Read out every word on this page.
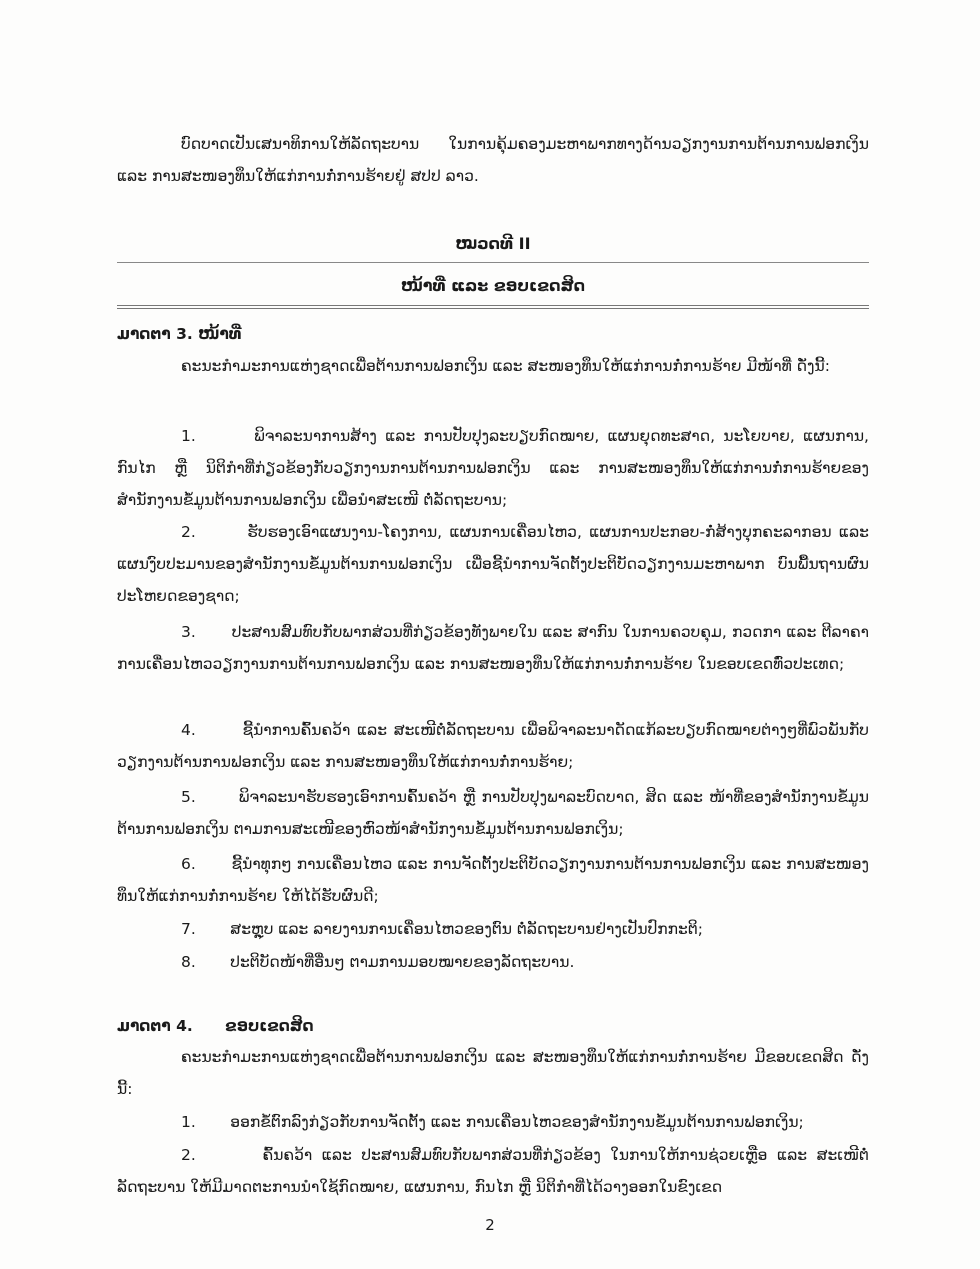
ບົດບາດເປັນເສນາທິການໃຫ້ລັດຖະບານ ໃນການຄຸ້ມຄອງມະຫາພາກທາງດ້ານວຽກງານການຕ້ານການຟອກເງິນ ແລະ ການສະໜອງທຶນໃຫ້ແກ່ການກໍ່ການຮ້າຍຢູ່ ສປປ ລາວ.
ໝວດທີ II
ໜ້າທີ່ ແລະ ຂອບເຂດສິດ
ມາດຕາ 3. ໜ້າທີ່
ຄະນະກຳມະການແຫ່ງຊາດເພື່ອຕ້ານການຟອກເງິນ ແລະ ສະໜອງທຶນໃຫ້ແກ່ການກໍ່ການຮ້າຍ ມີໜ້າທີ່ ດັ່ງນີ້:
1.	ພິຈາລະນາການສ້າງ ແລະ ການປັບປຸງລະບຽບກົດໝາຍ, ແຜນຍຸດທະສາດ, ນະໂຍບາຍ, ແຜນການ, ກົນໄກ ຫຼື ນິຕິກຳທີ່ກ່ຽວຂ້ອງກັບວຽກງານການຕ້ານການຟອກເງິນ ແລະ ການສະໜອງທຶນໃຫ້ແກ່ການກໍ່ການຮ້າຍຂອງ ສຳນັກງານຂໍ້ມູນຕ້ານການຟອກເງິນ ເພື່ອນຳສະເໜີ ຕໍ່ລັດຖະບານ;
2.	ຮັບຮອງເອົາແຜນງານ-ໂຄງການ, ແຜນການເຄື່ອນໄຫວ, ແຜນການປະກອບ-ກໍ່ສ້າງບຸກຄະລາກອນ ແລະ ແຜນງົບປະມານຂອງສຳນັກງານຂໍ້ມູນຕ້ານການຟອກເງິນ ເພື່ອຊີ້ນຳການຈັດຕັ້ງປະຕິບັດວຽກງານມະຫາພາກ ບົນພື້ນຖານຜົນປະໂຫຍດຂອງຊາດ;
3. ປະສານສົມທົບກັບພາກສ່ວນທີ່ກ່ຽວຂ້ອງທັງພາຍໃນ ແລະ ສາກົນ ໃນການຄວບຄຸມ, ກວດກາ ແລະ ຕີລາຄາການເຄື່ອນໄຫວວຽກງານການຕ້ານການຟອກເງິນ ແລະ ການສະໜອງທຶນໃຫ້ແກ່ການກໍ່ການຮ້າຍ ໃນຂອບເຂດທົ່ວປະເທດ;
4.	ຊີ້ນຳການຄົ້ນຄວ້າ ແລະ ສະເໜີຕໍ່ລັດຖະບານ ເພື່ອພິຈາລະນາດັດແກ້ລະບຽບກົດໝາຍຕ່າງໆທີ່ພົວພັນກັບວຽກງານຕ້ານການຟອກເງິນ ແລະ ການສະໜອງທຶນໃຫ້ແກ່ການກໍ່ການຮ້າຍ;
5.	ພິຈາລະນາຮັບຮອງເອົາການຄົ້ນຄວ້າ ຫຼື ການປັບປຸງພາລະບົດບາດ, ສິດ ແລະ ໜ້າທີ່ຂອງສຳນັກງານຂໍ້ມູນຕ້ານການຟອກເງິນ ຕາມການສະເໜີຂອງຫົວໜ້າສຳນັກງານຂໍ້ມູນຕ້ານການຟອກເງິນ;
6. ຊີ້ນຳທຸກໆ ການເຄື່ອນໄຫວ ແລະ ການຈັດຕັ້ງປະຕິບັດວຽກງານການຕ້ານການຟອກເງິນ ແລະ ການສະໜອງທຶນໃຫ້ແກ່ການກໍ່ການຮ້າຍ ໃຫ້ໄດ້ຮັບຜົນດີ;
7. ສະຫຼຸບ ແລະ ລາຍງານການເຄື່ອນໄຫວຂອງຕົນ ຕໍ່ລັດຖະບານຢ່າງເປັນປົກກະຕິ;
8. ປະຕິບັດໜ້າທີ່ອື່ນໆ ຕາມການມອບໝາຍຂອງລັດຖະບານ.
ມາດຕາ 4.      ຂອບເຂດສິດ
ຄະນະກຳມະການແຫ່ງຊາດເພື່ອຕ້ານການຟອກເງິນ ແລະ ສະໜອງທຶນໃຫ້ແກ່ການກໍ່ການຮ້າຍ ມີຂອບເຂດສິດ ດັ່ງນີ້:
1. ອອກຂໍ້ຕົກລົງກ່ຽວກັບການຈັດຕັ້ງ ແລະ ການເຄື່ອນໄຫວຂອງສຳນັກງານຂໍ້ມູນຕ້ານການຟອກເງິນ;
2.	ຄົ້ນຄວ້າ ແລະ ປະສານສົມທົບກັບພາກສ່ວນທີ່ກ່ຽວຂ້ອງ ໃນການໃຫ້ການຊ່ວຍເຫຼືອ ແລະ ສະເໜີຕໍ່ລັດຖະບານ ໃຫ້ມີມາດຕະການນຳໃຊ້ກົດໝາຍ, ແຜນການ, ກົນໄກ ຫຼື ນິຕິກຳທີ່ໄດ້ວາງອອກໃນຂົງເຂດ
2
